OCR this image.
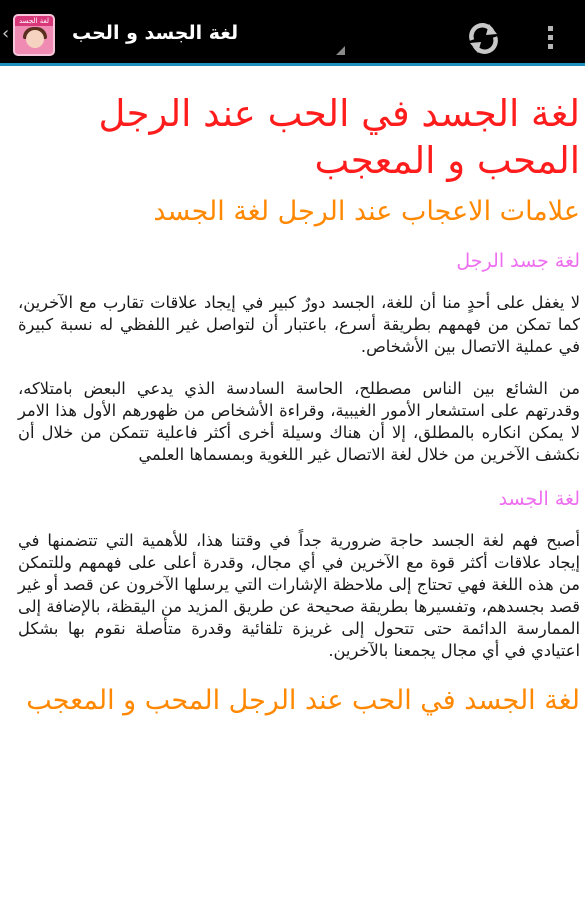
‹
لغة الجسد
لغة الجسد و الحب
لغة الجسد في الحب عند الرجل المحب و المعجب
علامات الاعجاب عند الرجل لغة الجسد
لغة جسد الرجل

لا يغفل على أحدٍ منا أن للغة، الجسد دورٌ كبير في إيجاد علاقات تقارب مع الآخرين، كما تمكن من فهمهم بطريقة أسرع، باعتبار أن لتواصل غير اللفظي له نسبة كبيرة في عملية الاتصال بين الأشخاص.

من الشائع بين الناس مصطلح، الحاسة السادسة الذي يدعي البعض بامتلاكه، وقدرتهم على استشعار الأمور الغيبية، وقراءة الأشخاص من ظهورهم الأول هذا الامر لا يمكن انكاره بالمطلق، إلا أن هناك وسيلة أخرى أكثر فاعلية تتمكن من خلال أن نكشف الآخرين من خلال لغة الاتصال غير اللغوية وبمسماها العلمي

لغة الجسد

أصبح فهم لغة الجسد حاجة ضرورية جداً في وقتنا هذا، للأهمية التي تتضمنها في إيجاد علاقات أكثر قوة مع الآخرين في أي مجال، وقدرة أعلى على فهمهم وللتمكن من هذه اللغة فهي تحتاج إلى ملاحظة الإشارات التي يرسلها الآخرون عن قصد أو غير قصد بجسدهم، وتفسيرها بطريقة صحيحة عن طريق المزيد من اليقظة، بالإضافة إلى الممارسة الدائمة حتى تتحول إلى غريزة تلقائية وقدرة متأصلة نقوم بها بشكل اعتيادي في أي مجال يجمعنا بالآخرين.

لغة الجسد في الحب عند الرجل المحب و المعجب
